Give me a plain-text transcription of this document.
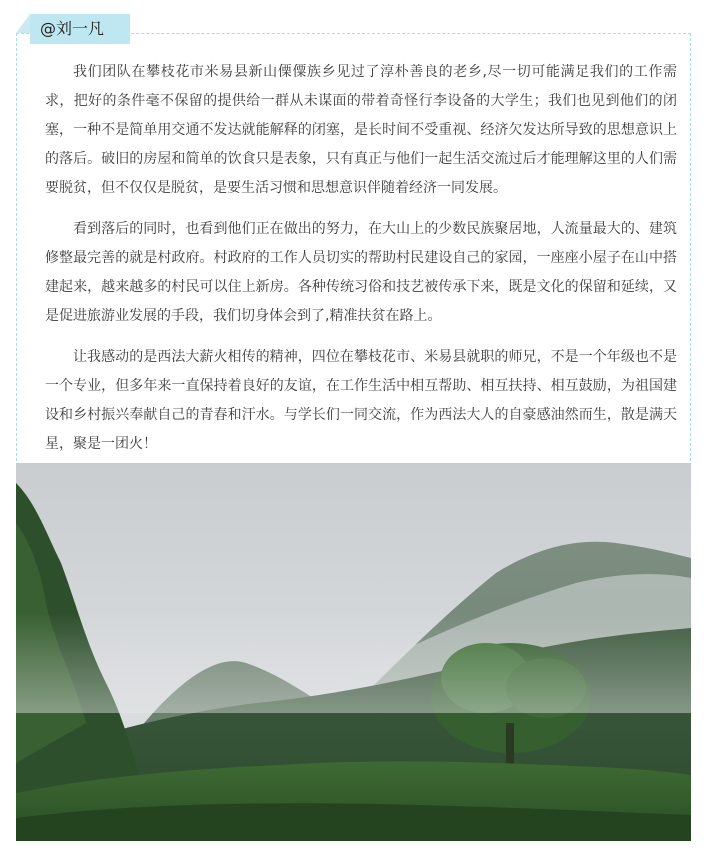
@刘一凡

我们团队在攀枝花市米易县新山傈僳族乡见过了淳朴善良的老乡,尽一切可能满足我们的工作需求，把好的条件毫不保留的提供给一群从未谋面的带着奇怪行李设备的大学生；我们也见到他们的闭塞，一种不是简单用交通不发达就能解释的闭塞，是长时间不受重视、经济欠发达所导致的思想意识上的落后。破旧的房屋和简单的饮食只是表象，只有真正与他们一起生活交流过后才能理解这里的人们需要脱贫，但不仅仅是脱贫，是要生活习惯和思想意识伴随着经济一同发展。

看到落后的同时，也看到他们正在做出的努力，在大山上的少数民族聚居地，人流量最大的、建筑修整最完善的就是村政府。村政府的工作人员切实的帮助村民建设自己的家园，一座座小屋子在山中搭建起来，越来越多的村民可以住上新房。各种传统习俗和技艺被传承下来，既是文化的保留和延续，又是促进旅游业发展的手段，我们切身体会到了,精准扶贫在路上。

让我感动的是西法大薪火相传的精神，四位在攀枝花市、米易县就职的师兄，不是一个年级也不是一个专业，但多年来一直保持着良好的友谊，在工作生活中相互帮助、相互扶持、相互鼓励，为祖国建设和乡村振兴奉献自己的青春和汗水。与学长们一同交流，作为西法大人的自豪感油然而生，散是满天星，聚是一团火！
